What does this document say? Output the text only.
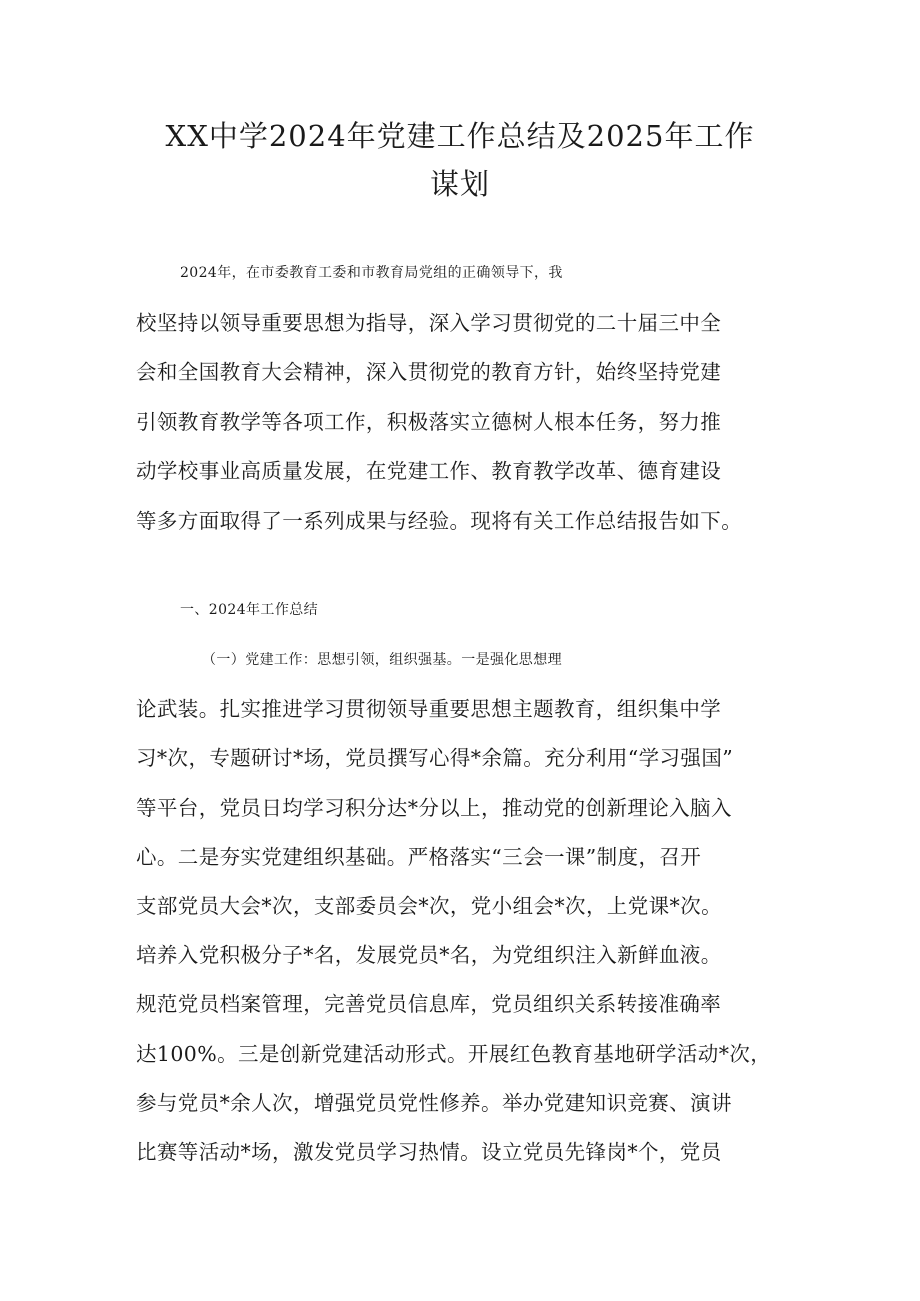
XX中学2024年党建工作总结及2025年工作
谋划
2024年，在市委教育工委和市教育局党组的正确领导下，我
校坚持以领导重要思想为指导，深入学习贯彻党的二十届三中全
会和全国教育大会精神，深入贯彻党的教育方针，始终坚持党建
引领教育教学等各项工作，积极落实立德树人根本任务，努力推
动学校事业高质量发展，在党建工作、教育教学改革、德育建设
等多方面取得了一系列成果与经验。现将有关工作总结报告如下。
一、2024年工作总结
（一）党建工作：思想引领，组织强基。一是强化思想理
论武装。扎实推进学习贯彻领导重要思想主题教育，组织集中学
习*次，专题研讨*场，党员撰写心得*余篇。充分利用“学习强国”
等平台，党员日均学习积分达*分以上，推动党的创新理论入脑入
心。二是夯实党建组织基础。严格落实“三会一课”制度，召开
支部党员大会*次，支部委员会*次，党小组会*次，上党课*次。
培养入党积极分子*名，发展党员*名，为党组织注入新鲜血液。
规范党员档案管理，完善党员信息库，党员组织关系转接准确率
达100%。三是创新党建活动形式。开展红色教育基地研学活动*次，
参与党员*余人次，增强党员党性修养。举办党建知识竞赛、演讲
比赛等活动*场，激发党员学习热情。设立党员先锋岗*个，党员
